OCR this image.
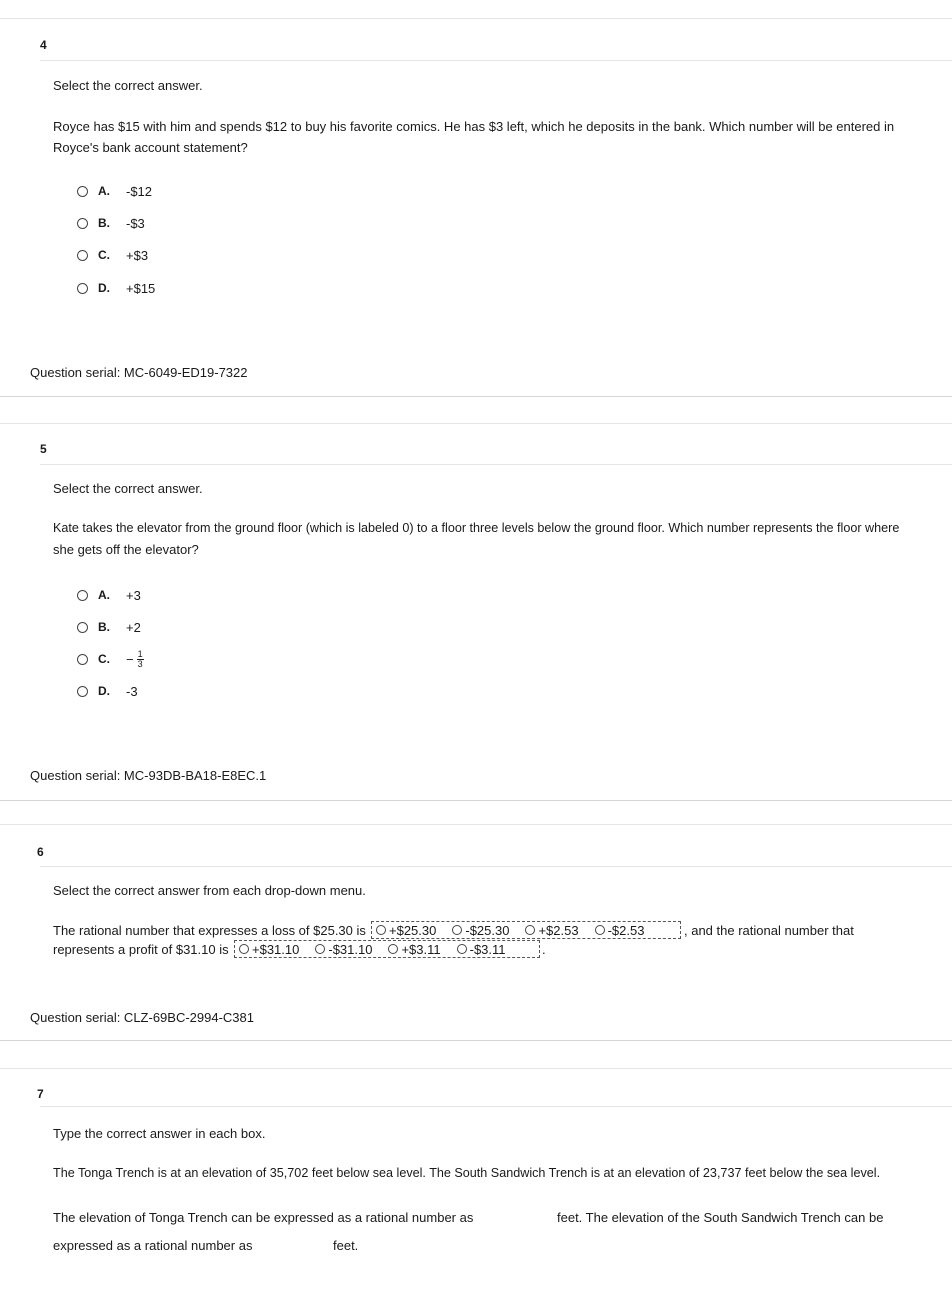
4
Select the correct answer.
Royce has $15 with him and spends $12 to buy his favorite comics. He has $3 left, which he deposits in the bank. Which number will be entered in
Royce's bank account statement?
A.	-$12
B.	-$3
C.	+$3
D.	+$15
Question serial: MC-6049-ED19-7322
5
Select the correct answer.
Kate takes the elevator from the ground floor (which is labeled 0) to a floor three levels below the ground floor. Which number represents the floor where
she gets off the elevator?
A.	+3
B.	+2
C.	− $\frac{1}{3}$
D.	-3
Question serial: MC-93DB-BA18-E8EC.1
6
Select the correct answer from each drop-down menu.
The rational number that expresses a loss of $25.30 is +$25.30 -$25.30 +$2.53 -$2.53	, and the rational number that
represents a profit of $31.10 is +$31.10 -$31.10 +$3.11 -$3.11	.
Question serial: CLZ-69BC-2994-C381
7
Type the correct answer in each box.
The Tonga Trench is at an elevation of 35,702 feet below sea level. The South Sandwich Trench is at an elevation of 23,737 feet below the sea level.
The elevation of Tonga Trench can be expressed as a rational number as	feet. The elevation of the South Sandwich Trench can be
expressed as a rational number as	feet.
